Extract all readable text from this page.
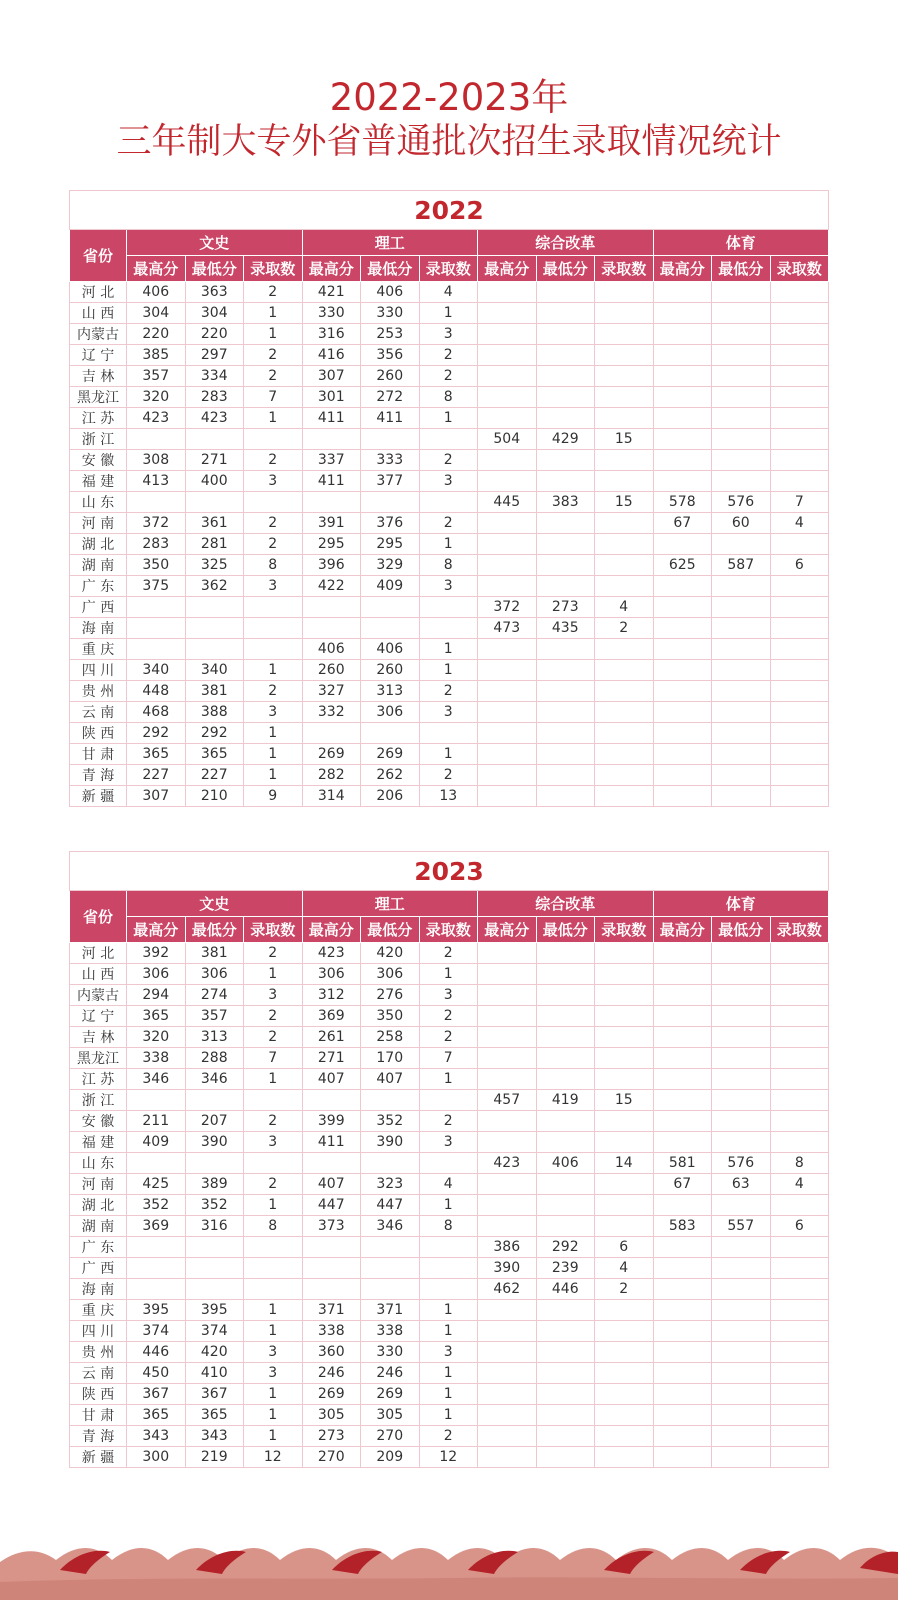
2022-2023年
三年制大专外省普通批次招生录取情况统计
2022												
省份	文史			理工			综合改革			体育		
	最高分	最低分	录取数	最高分	最低分	录取数	最高分	最低分	录取数	最高分	最低分	录取数
河 北	406	363	2	421	406	4						
山 西	304	304	1	330	330	1						
内蒙古	220	220	1	316	253	3						
辽 宁	385	297	2	416	356	2						
吉 林	357	334	2	307	260	2						
黑龙江	320	283	7	301	272	8						
江 苏	423	423	1	411	411	1						
浙 江							504	429	15			
安 徽	308	271	2	337	333	2						
福 建	413	400	3	411	377	3						
山 东							445	383	15	578	576	7
河 南	372	361	2	391	376	2				67	60	4
湖 北	283	281	2	295	295	1						
湖 南	350	325	8	396	329	8				625	587	6
广 东	375	362	3	422	409	3						
广 西							372	273	4			
海 南							473	435	2			
重 庆				406	406	1						
四 川	340	340	1	260	260	1						
贵 州	448	381	2	327	313	2						
云 南	468	388	3	332	306	3						
陕 西	292	292	1									
甘 肃	365	365	1	269	269	1						
青 海	227	227	1	282	262	2						
新 疆	307	210	9	314	206	13						
2023												
省份	文史			理工			综合改革			体育		
	最高分	最低分	录取数	最高分	最低分	录取数	最高分	最低分	录取数	最高分	最低分	录取数
河 北	392	381	2	423	420	2						
山 西	306	306	1	306	306	1						
内蒙古	294	274	3	312	276	3						
辽 宁	365	357	2	369	350	2						
吉 林	320	313	2	261	258	2						
黑龙江	338	288	7	271	170	7						
江 苏	346	346	1	407	407	1						
浙 江							457	419	15			
安 徽	211	207	2	399	352	2						
福 建	409	390	3	411	390	3						
山 东							423	406	14	581	576	8
河 南	425	389	2	407	323	4				67	63	4
湖 北	352	352	1	447	447	1						
湖 南	369	316	8	373	346	8				583	557	6
广 东							386	292	6			
广 西							390	239	4			
海 南							462	446	2			
重 庆	395	395	1	371	371	1						
四 川	374	374	1	338	338	1						
贵 州	446	420	3	360	330	3						
云 南	450	410	3	246	246	1						
陕 西	367	367	1	269	269	1						
甘 肃	365	365	1	305	305	1						
青 海	343	343	1	273	270	2						
新 疆	300	219	12	270	209	12						
